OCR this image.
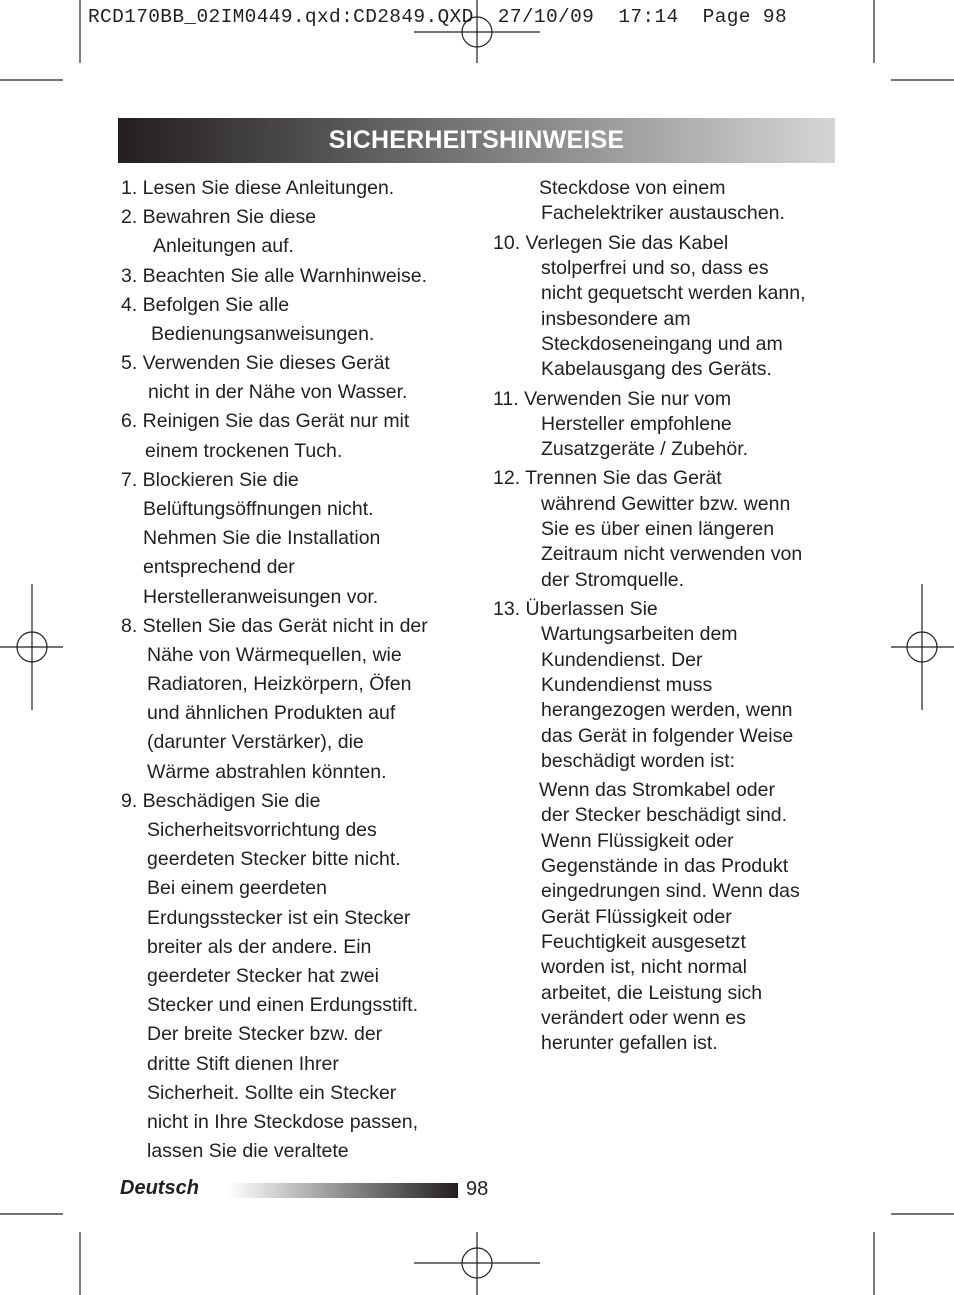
RCD170BB_02IM0449.qxd:CD2849.QXD  27/10/09  17:14  Page 98
SICHERHEITSHINWEISE
1. Lesen Sie diese Anleitungen.
2. Bewahren Sie diese
Anleitungen auf.
3. Beachten Sie alle Warnhinweise.
4. Befolgen Sie alle
Bedienungsanweisungen.
5. Verwenden Sie dieses Gerät
nicht in der Nähe von Wasser.
6. Reinigen Sie das Gerät nur mit
einem trockenen Tuch.
7. Blockieren Sie die
Belüftungsöffnungen nicht.
Nehmen Sie die Installation
entsprechend der
Herstelleranweisungen vor.
8. Stellen Sie das Gerät nicht in der
Nähe von Wärmequellen, wie
Radiatoren, Heizkörpern, Öfen
und ähnlichen Produkten auf
(darunter Verstärker), die
Wärme abstrahlen könnten.
9. Beschädigen Sie die
Sicherheitsvorrichtung des
geerdeten Stecker bitte nicht.
Bei einem geerdeten
Erdungsstecker ist ein Stecker
breiter als der andere. Ein
geerdeter Stecker hat zwei
Stecker und einen Erdungsstift.
Der breite Stecker bzw. der
dritte Stift dienen Ihrer
Sicherheit. Sollte ein Stecker
nicht in Ihre Steckdose passen,
lassen Sie die veraltete
Steckdose von einem
Fachelektriker austauschen.
10. Verlegen Sie das Kabel
stolperfrei und so, dass es
nicht gequetscht werden kann,
insbesondere am
Steckdoseneingang und am
Kabelausgang des Geräts.
11. Verwenden Sie nur vom
Hersteller empfohlene
Zusatzgeräte / Zubehör.
12. Trennen Sie das Gerät
während Gewitter bzw. wenn
Sie es über einen längeren
Zeitraum nicht verwenden von
der Stromquelle.
13. Überlassen Sie
Wartungsarbeiten dem
Kundendienst. Der
Kundendienst muss
herangezogen werden, wenn
das Gerät in folgender Weise
beschädigt worden ist:
Wenn das Stromkabel oder
der Stecker beschädigt sind.
Wenn Flüssigkeit oder
Gegenstände in das Produkt
eingedrungen sind. Wenn das
Gerät Flüssigkeit oder
Feuchtigkeit ausgesetzt
worden ist, nicht normal
arbeitet, die Leistung sich
verändert oder wenn es
herunter gefallen ist.
Deutsch	98
